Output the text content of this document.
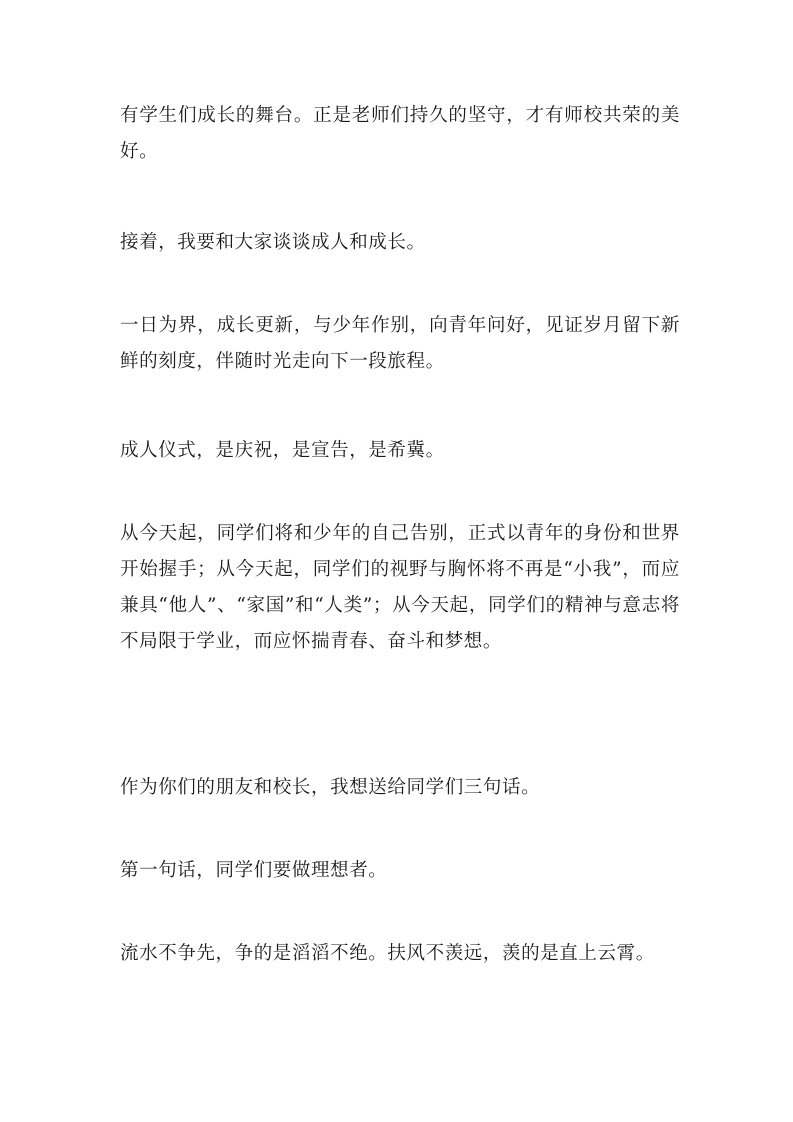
有学生们成长的舞台。正是老师们持久的坚守，才有师校共荣的美好。

接着，我要和大家谈谈成人和成长。

一日为界，成长更新，与少年作别，向青年问好，见证岁月留下新鲜的刻度，伴随时光走向下一段旅程。

成人仪式，是庆祝，是宣告，是希冀。

从今天起，同学们将和少年的自己告别，正式以青年的身份和世界开始握手；从今天起，同学们的视野与胸怀将不再是“小我”，而应兼具“他人”、“家国”和“人类”；从今天起，同学们的精神与意志将不局限于学业，而应怀揣青春、奋斗和梦想。

作为你们的朋友和校长，我想送给同学们三句话。

第一句话，同学们要做理想者。

流水不争先，争的是滔滔不绝。扶风不羡远，羡的是直上云霄。
